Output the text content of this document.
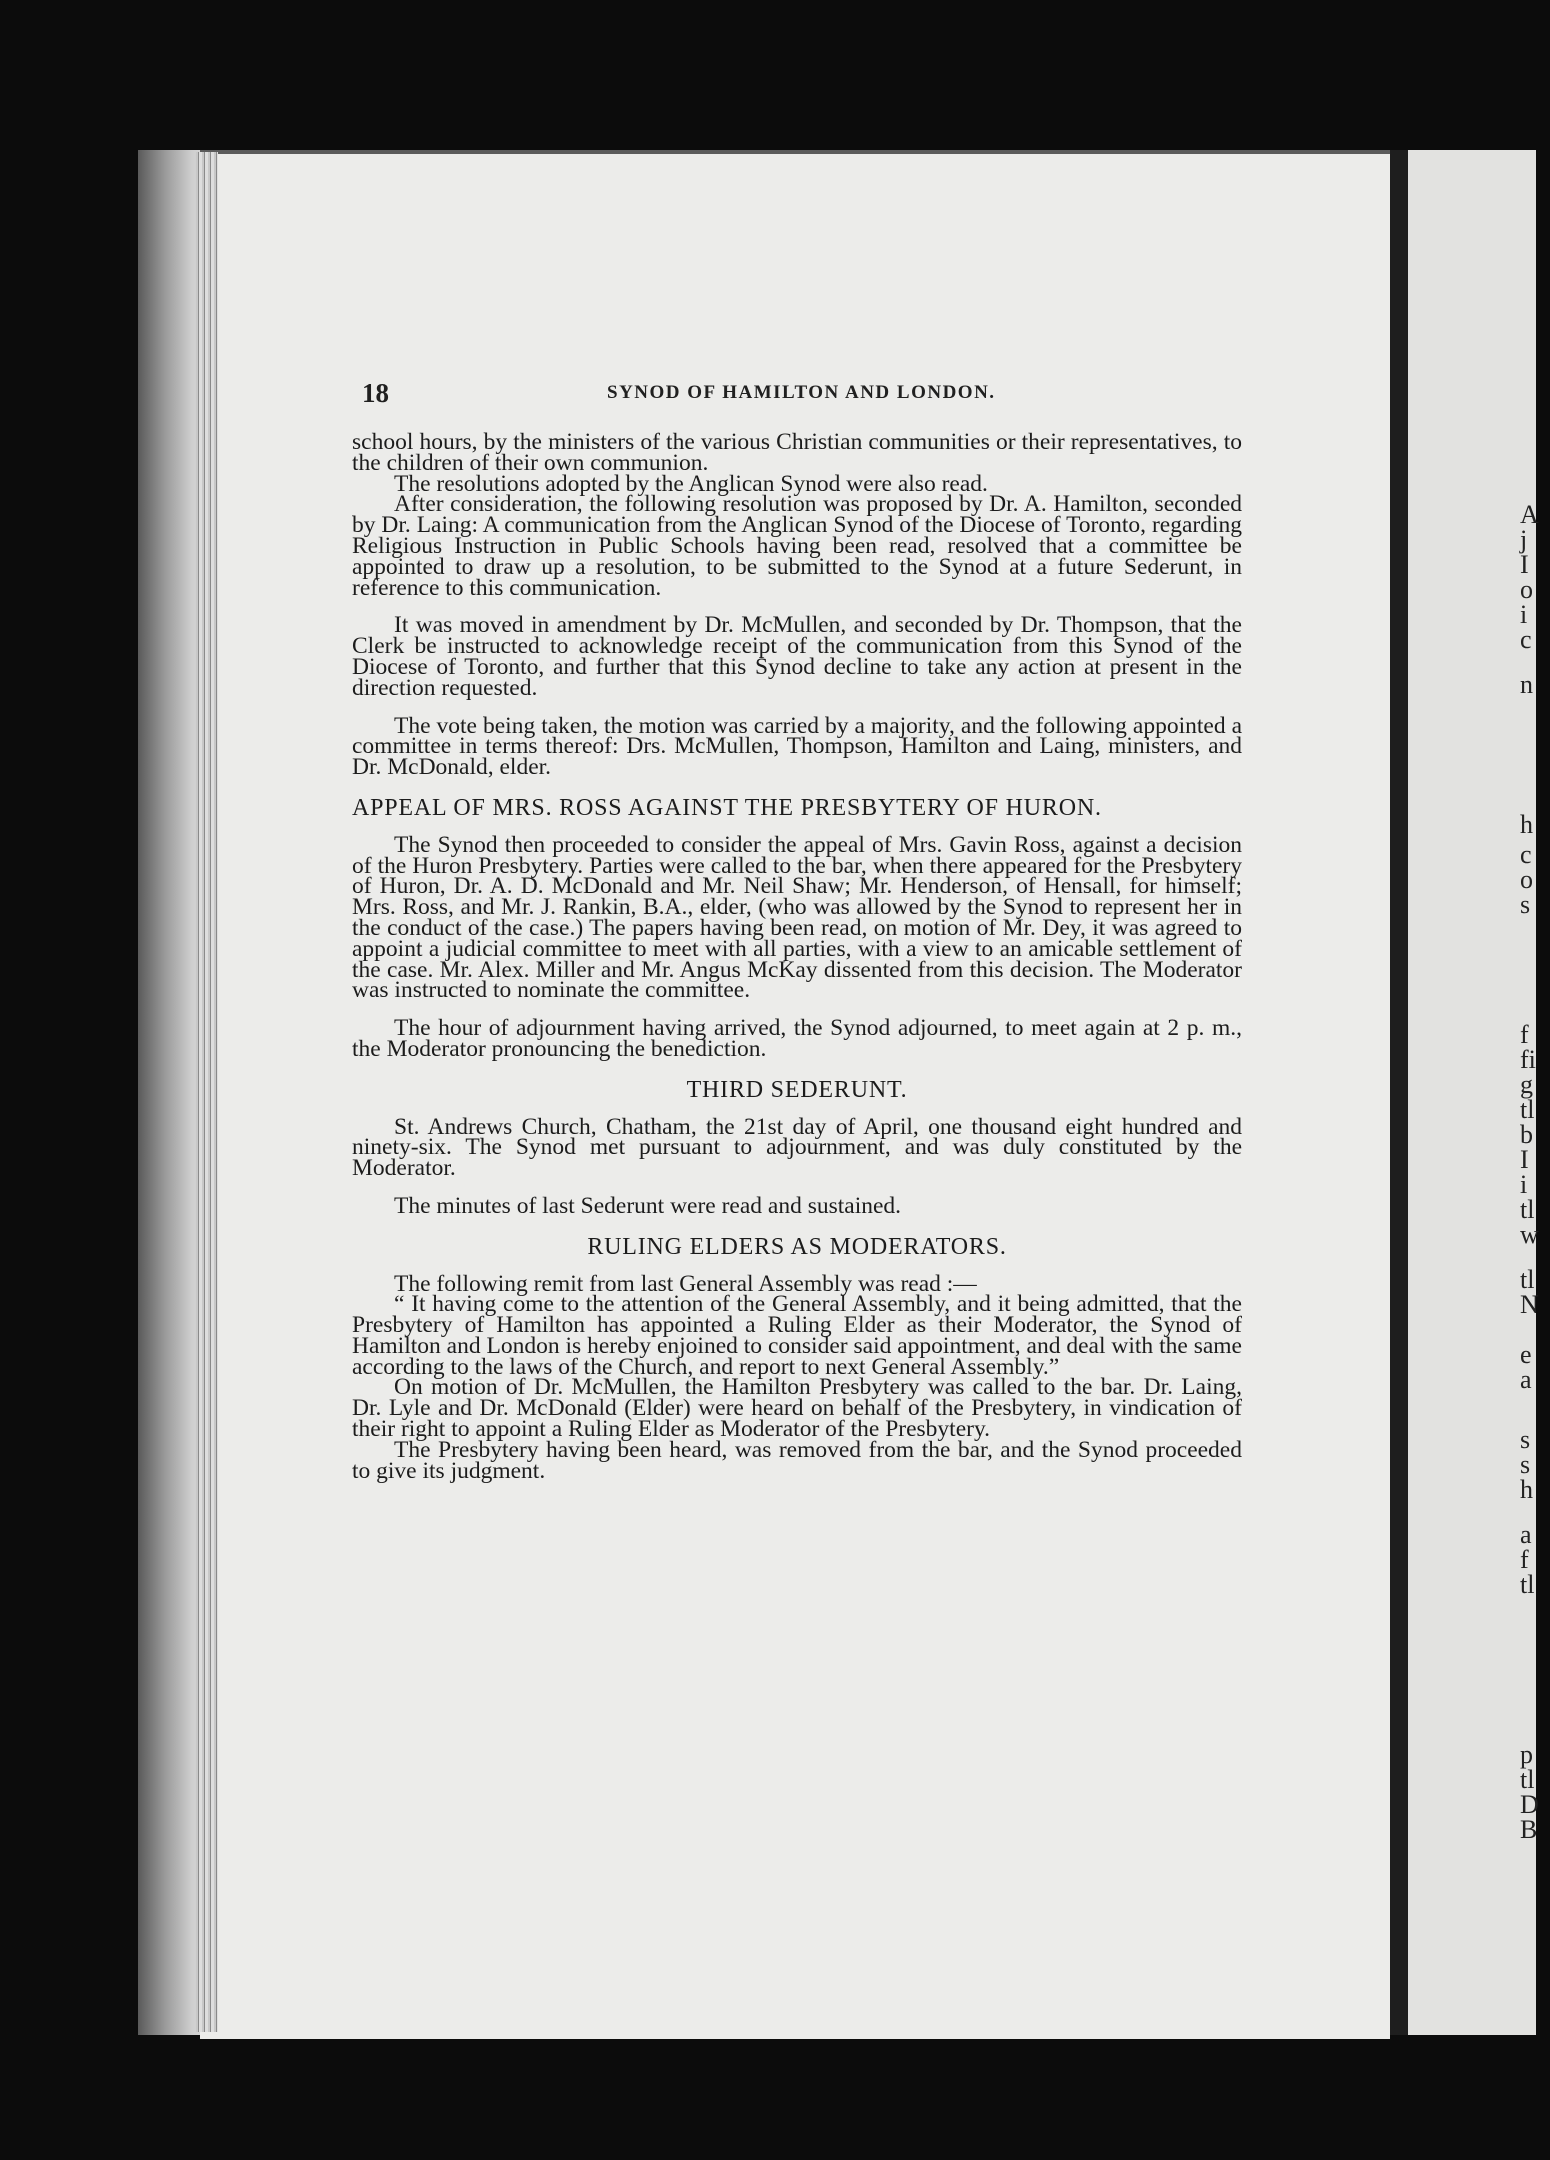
A
j
I
o
i
c
n
h
c
o
s
f
fi
g
tl
b
I
i
tl
w
tl
N
e
a
s
s
h
a
f
tl
p
tl
D
B
18	SYNOD OF HAMILTON AND LONDON.

school hours, by the ministers of the various Christian communities or their representatives, to the children of their own communion.

The resolutions adopted by the Anglican Synod were also read.

After consideration, the following resolution was proposed by Dr. A. Hamilton, seconded by Dr. Laing: A communication from the Anglican Synod of the Diocese of Toronto, regarding Religious Instruction in Public Schools having been read, resolved that a committee be appointed to draw up a resolution, to be submitted to the Synod at a future Sederunt, in reference to this communication.

It was moved in amendment by Dr. McMullen, and seconded by Dr. Thompson, that the Clerk be instructed to acknowledge receipt of the communication from this Synod of the Diocese of Toronto, and further that this Synod decline to take any action at present in the direction requested.

The vote being taken, the motion was carried by a majority, and the following appointed a committee in terms thereof: Drs. McMullen, Thompson, Hamilton and Laing, ministers, and Dr. McDonald, elder.

APPEAL OF MRS. ROSS AGAINST THE PRESBYTERY OF HURON.

The Synod then proceeded to consider the appeal of Mrs. Gavin Ross, against a decision of the Huron Presbytery. Parties were called to the bar, when there appeared for the Presbytery of Huron, Dr. A. D. McDonald and Mr. Neil Shaw; Mr. Henderson, of Hensall, for himself; Mrs. Ross, and Mr. J. Rankin, B.A., elder, (who was allowed by the Synod to represent her in the conduct of the case.) The papers having been read, on motion of Mr. Dey, it was agreed to appoint a judicial committee to meet with all parties, with a view to an amicable settlement of the case. Mr. Alex. Miller and Mr. Angus McKay dissented from this decision. The Moderator was instructed to nominate the committee.

The hour of adjournment having arrived, the Synod adjourned, to meet again at 2 p. m., the Moderator pronouncing the benediction.

THIRD SEDERUNT.

St. Andrews Church, Chatham, the 21st day of April, one thousand eight hundred and ninety-six. The Synod met pursuant to adjournment, and was duly constituted by the Moderator.

The minutes of last Sederunt were read and sustained.

RULING ELDERS AS MODERATORS.

The following remit from last General Assembly was read :—

“ It having come to the attention of the General Assembly, and it being admitted, that the Presbytery of Hamilton has appointed a Ruling Elder as their Moderator, the Synod of Hamilton and London is hereby enjoined to consider said appointment, and deal with the same according to the laws of the Church, and report to next General Assembly.”

On motion of Dr. McMullen, the Hamilton Presbytery was called to the bar. Dr. Laing, Dr. Lyle and Dr. McDonald (Elder) were heard on behalf of the Presbytery, in vindication of their right to appoint a Ruling Elder as Moderator of the Presbytery.

The Presbytery having been heard, was removed from the bar, and the Synod proceeded to give its judgment.
